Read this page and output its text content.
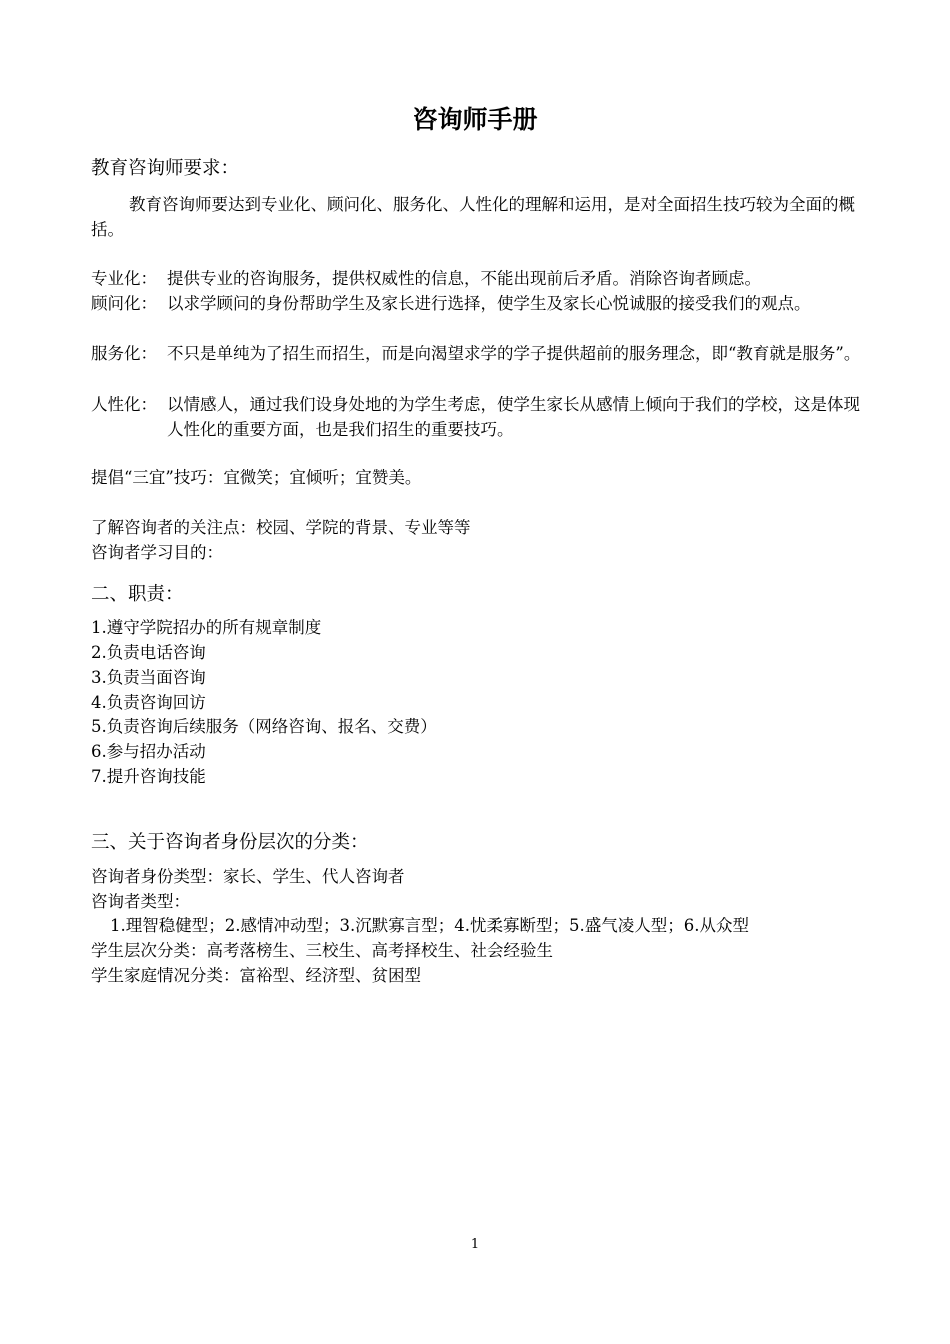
咨询师手册
教育咨询师要求：
教育咨询师要达到专业化、顾问化、服务化、人性化的理解和运用，是对全面招生技巧较为全面的概括。
专业化： 提供专业的咨询服务，提供权威性的信息，不能出现前后矛盾。消除咨询者顾虑。
顾问化： 以求学顾问的身份帮助学生及家长进行选择，使学生及家长心悦诚服的接受我们的观点。
服务化： 不只是单纯为了招生而招生，而是向渴望求学的学子提供超前的服务理念，即“教育就是服务”。
人性化： 以情感人，通过我们设身处地的为学生考虑，使学生家长从感情上倾向于我们的学校，这是体现人性化的重要方面，也是我们招生的重要技巧。
提倡“三宜”技巧：宜微笑；宜倾听；宜赞美。
了解咨询者的关注点：校园、学院的背景、专业等等
咨询者学习目的：
二、职责：
1.遵守学院招办的所有规章制度
2.负责电话咨询
3.负责当面咨询
4.负责咨询回访
5.负责咨询后续服务（网络咨询、报名、交费）
6.参与招办活动
7.提升咨询技能
三、关于咨询者身份层次的分类：
咨询者身份类型：家长、学生、代人咨询者
咨询者类型：
1.理智稳健型；2.感情冲动型；3.沉默寡言型；4.忧柔寡断型；5.盛气凌人型；6.从众型
学生层次分类：高考落榜生、三校生、高考择校生、社会经验生
学生家庭情况分类：富裕型、经济型、贫困型
1
